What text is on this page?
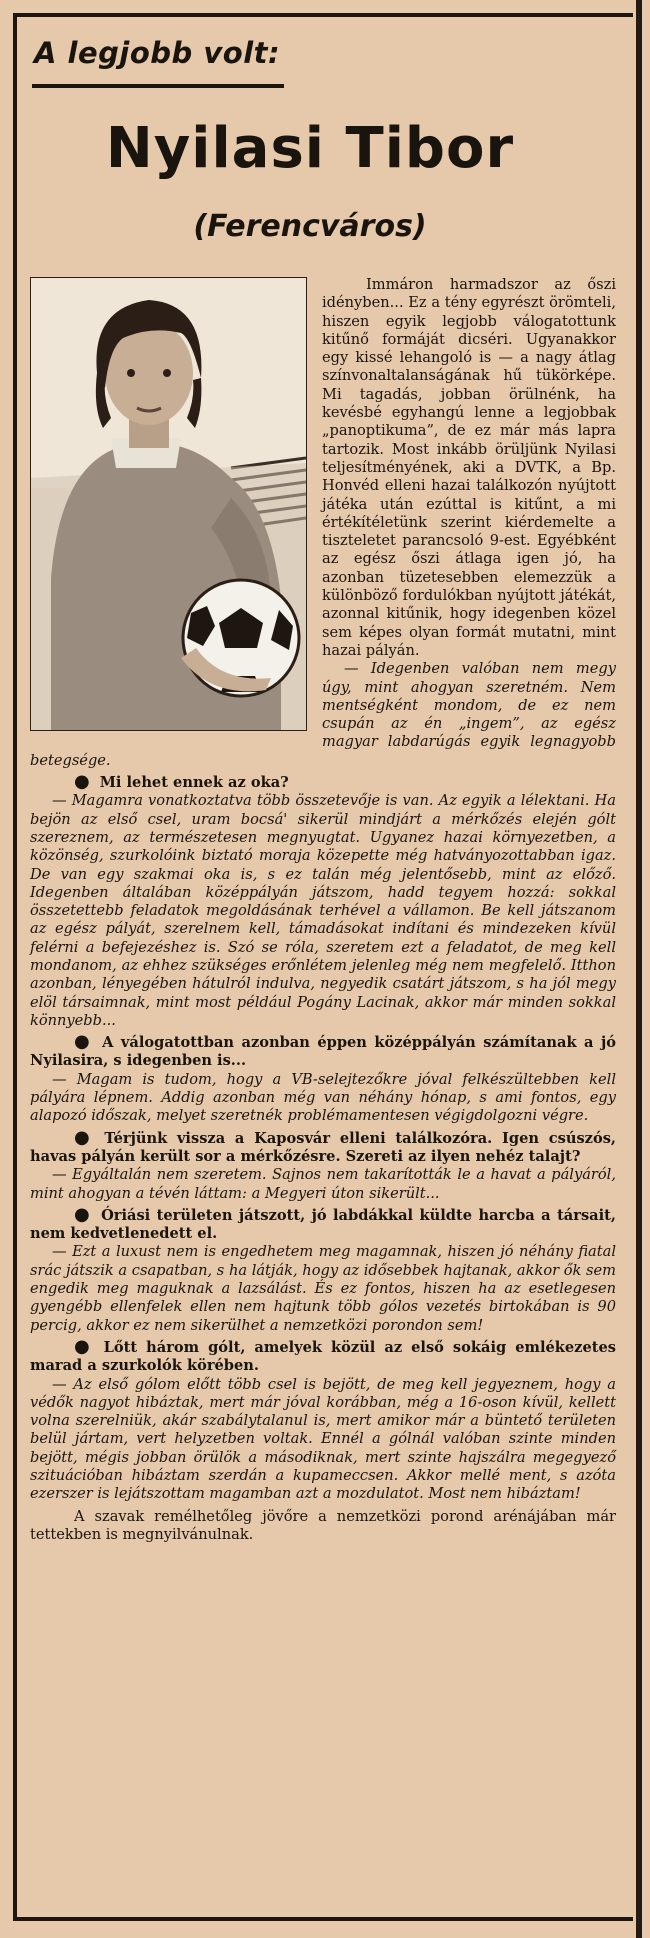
A legjobb volt:
Nyilasi Tibor
(Ferencváros)

Immáron harmadszor az őszi idényben... Ez a tény egyrészt örömteli, hiszen egyik legjobb válogatottunk kitűnő formáját dicséri. Ugyanakkor egy kissé lehangoló is — a nagy átlag színvonaltalanságának hű tükörképe. Mi tagadás, jobban örülnénk, ha kevésbé egyhangú lenne a legjobbak „panoptikuma”, de ez már más lapra tartozik. Most inkább örüljünk Nyilasi teljesítményének, aki a DVTK, a Bp. Honvéd elleni hazai találkozón nyújtott játéka után ezúttal is kitűnt, a mi értékítéletünk szerint kiérdemelte a tiszteletet parancsoló 9-est. Egyébként az egész őszi átlaga igen jó, ha azonban tüzetesebben elemezzük a különböző fordulókban nyújtott játékát, azonnal kitűnik, hogy idegenben közel sem képes olyan formát mutatni, mint hazai pályán.

— Idegenben valóban nem megy úgy, mint ahogyan szeretném. Nem mentségként mondom, de ez nem csupán az én „ingem”, az egész magyar labdarúgás egyik legnagyobb betegsége.

● Mi lehet ennek az oka?

— Magamra vonatkoztatva több összetevője is van. Az egyik a lélektani. Ha bejön az első csel, uram bocsá' sikerül mindjárt a mérkőzés elején gólt szereznem, az természetesen megnyugtat. Ugyanez hazai környezetben, a közönség, szurkolóink biztató moraja közepette még hatványozottabban igaz. De van egy szakmai oka is, s ez talán még jelentősebb, mint az előző. Idegenben általában középpályán játszom, hadd tegyem hozzá: sokkal összetettebb feladatok megoldásának terhével a vállamon. Be kell játszanom az egész pályát, szerelnem kell, támadásokat indítani és mindezeken kívül felérni a befejezéshez is. Szó se róla, szeretem ezt a feladatot, de meg kell mondanom, az ehhez szükséges erőnlétem jelenleg még nem megfelelő. Itthon azonban, lényegében hátulról indulva, negyedik csatárt játszom, s ha jól megy elöl társaimnak, mint most például Pogány Lacinak, akkor már minden sokkal könnyebb...

● A válogatottban azonban éppen középpályán számítanak a jó Nyilasira, s idegenben is...

— Magam is tudom, hogy a VB-selejtezőkre jóval felkészültebben kell pályára lépnem. Addig azonban még van néhány hónap, s ami fontos, egy alapozó időszak, melyet szeretnék problémamentesen végigdolgozni végre.

● Térjünk vissza a Kaposvár elleni találkozóra. Igen csúszós, havas pályán került sor a mérkőzésre. Szereti az ilyen nehéz talajt?

— Egyáltalán nem szeretem. Sajnos nem takarították le a havat a pályáról, mint ahogyan a tévén láttam: a Megyeri úton sikerült...

● Óriási területen játszott, jó labdákkal küldte harcba a társait, nem kedvetlenedett el.

— Ezt a luxust nem is engedhetem meg magamnak, hiszen jó néhány fiatal srác játszik a csapatban, s ha látják, hogy az idősebbek hajtanak, akkor ők sem engedik meg maguknak a lazsálást. És ez fontos, hiszen ha az esetlegesen gyengébb ellenfelek ellen nem hajtunk több gólos vezetés birtokában is 90 percig, akkor ez nem sikerülhet a nemzetközi porondon sem!

● Lőtt három gólt, amelyek közül az első sokáig emlékezetes marad a szurkolók körében.

— Az első gólom előtt több csel is bejött, de meg kell jegyeznem, hogy a védők nagyot hibáztak, mert már jóval korábban, még a 16-oson kívül, kellett volna szerelniük, akár szabálytalanul is, mert amikor már a büntető területen belül jártam, vert helyzetben voltak. Ennél a gólnál valóban szinte minden bejött, mégis jobban örülök a másodiknak, mert szinte hajszálra megegyező szituációban hibáztam szerdán a kupameccsen. Akkor mellé ment, s azóta ezerszer is lejátszottam magamban azt a mozdulatot. Most nem hibáztam!

A szavak remélhetőleg jövőre a nemzetközi porond arénájában már tettekben is megnyilvánulnak.
